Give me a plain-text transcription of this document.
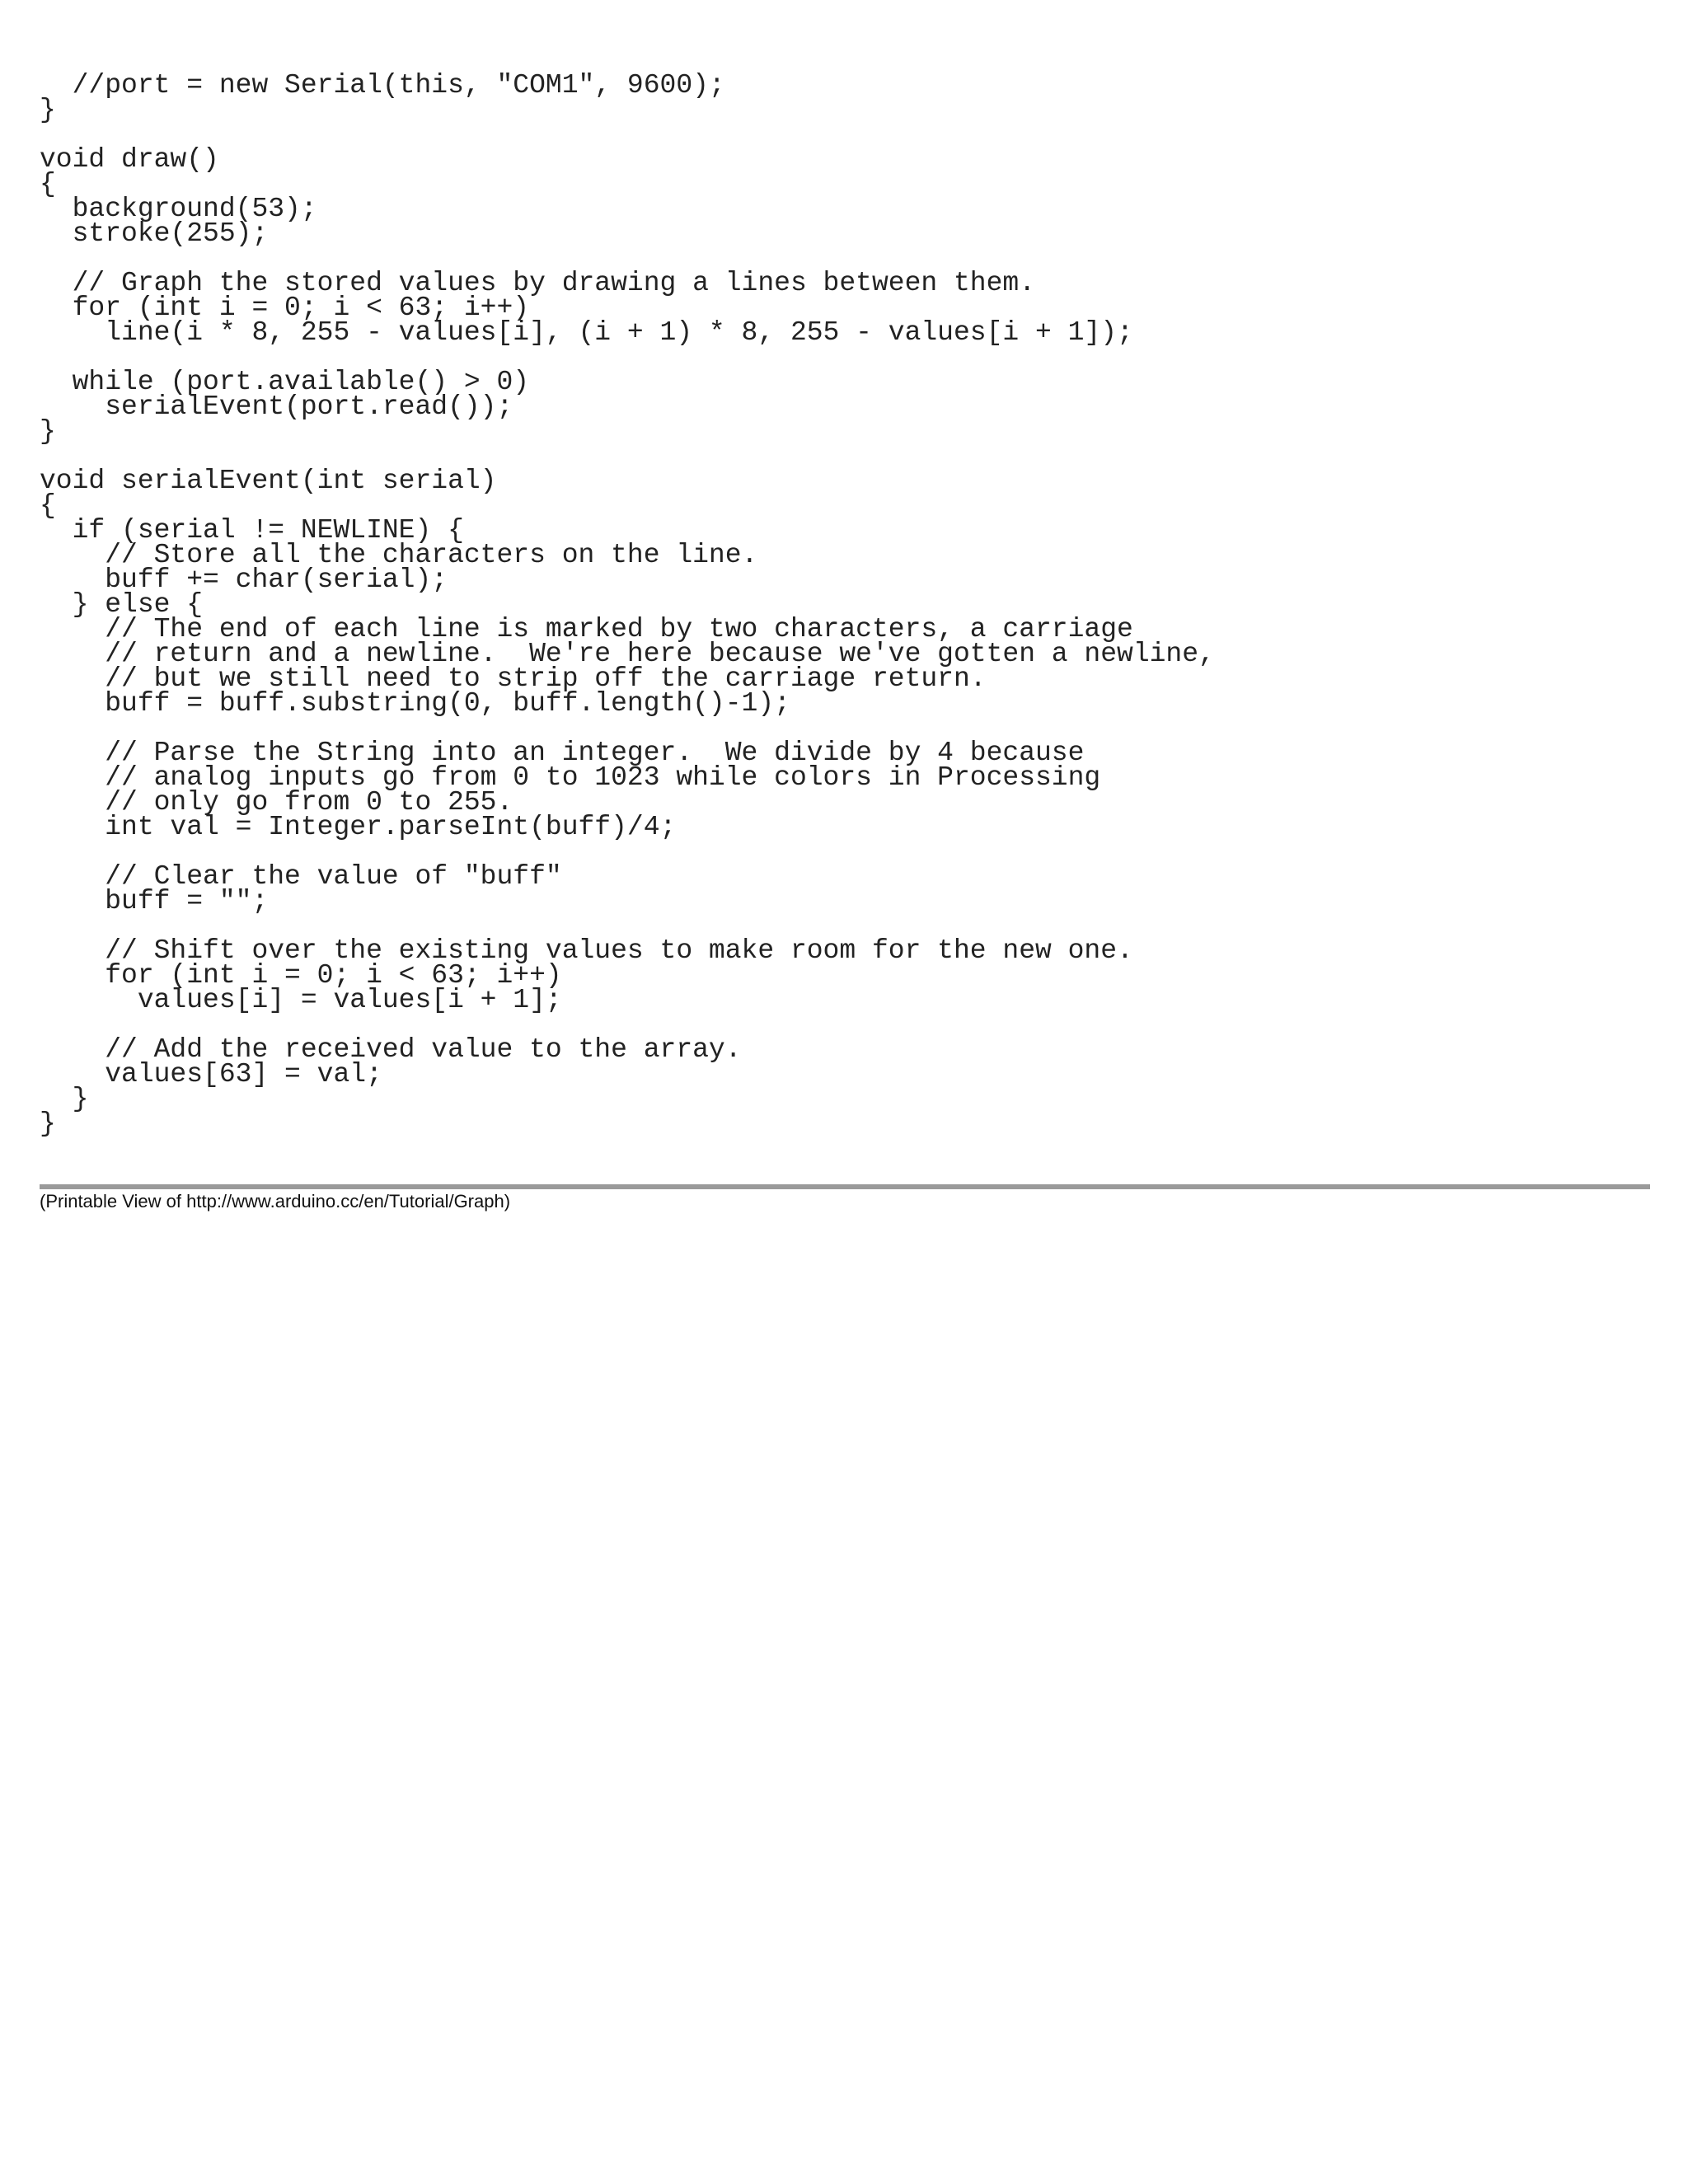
//port = new Serial(this, "COM1", 9600);
}
void draw()
{
background(53);
stroke(255);
// Graph the stored values by drawing a lines between them.
for (int i = 0; i < 63; i++)
line(i * 8, 255 - values[i], (i + 1) * 8, 255 - values[i + 1]);
while (port.available() > 0)
serialEvent(port.read());
}
void serialEvent(int serial)
{
if (serial != NEWLINE) {
// Store all the characters on the line.
buff += char(serial);
} else {
// The end of each line is marked by two characters, a carriage
// return and a newline.  We're here because we've gotten a newline,
// but we still need to strip off the carriage return.
buff = buff.substring(0, buff.length()-1);
// Parse the String into an integer.  We divide by 4 because
// analog inputs go from 0 to 1023 while colors in Processing
// only go from 0 to 255.
int val = Integer.parseInt(buff)/4;
// Clear the value of "buff"
buff = "";
// Shift over the existing values to make room for the new one.
for (int i = 0; i < 63; i++)
values[i] = values[i + 1];
// Add the received value to the array.
values[63] = val;
}
}
(Printable View of http://www.arduino.cc/en/Tutorial/Graph)
